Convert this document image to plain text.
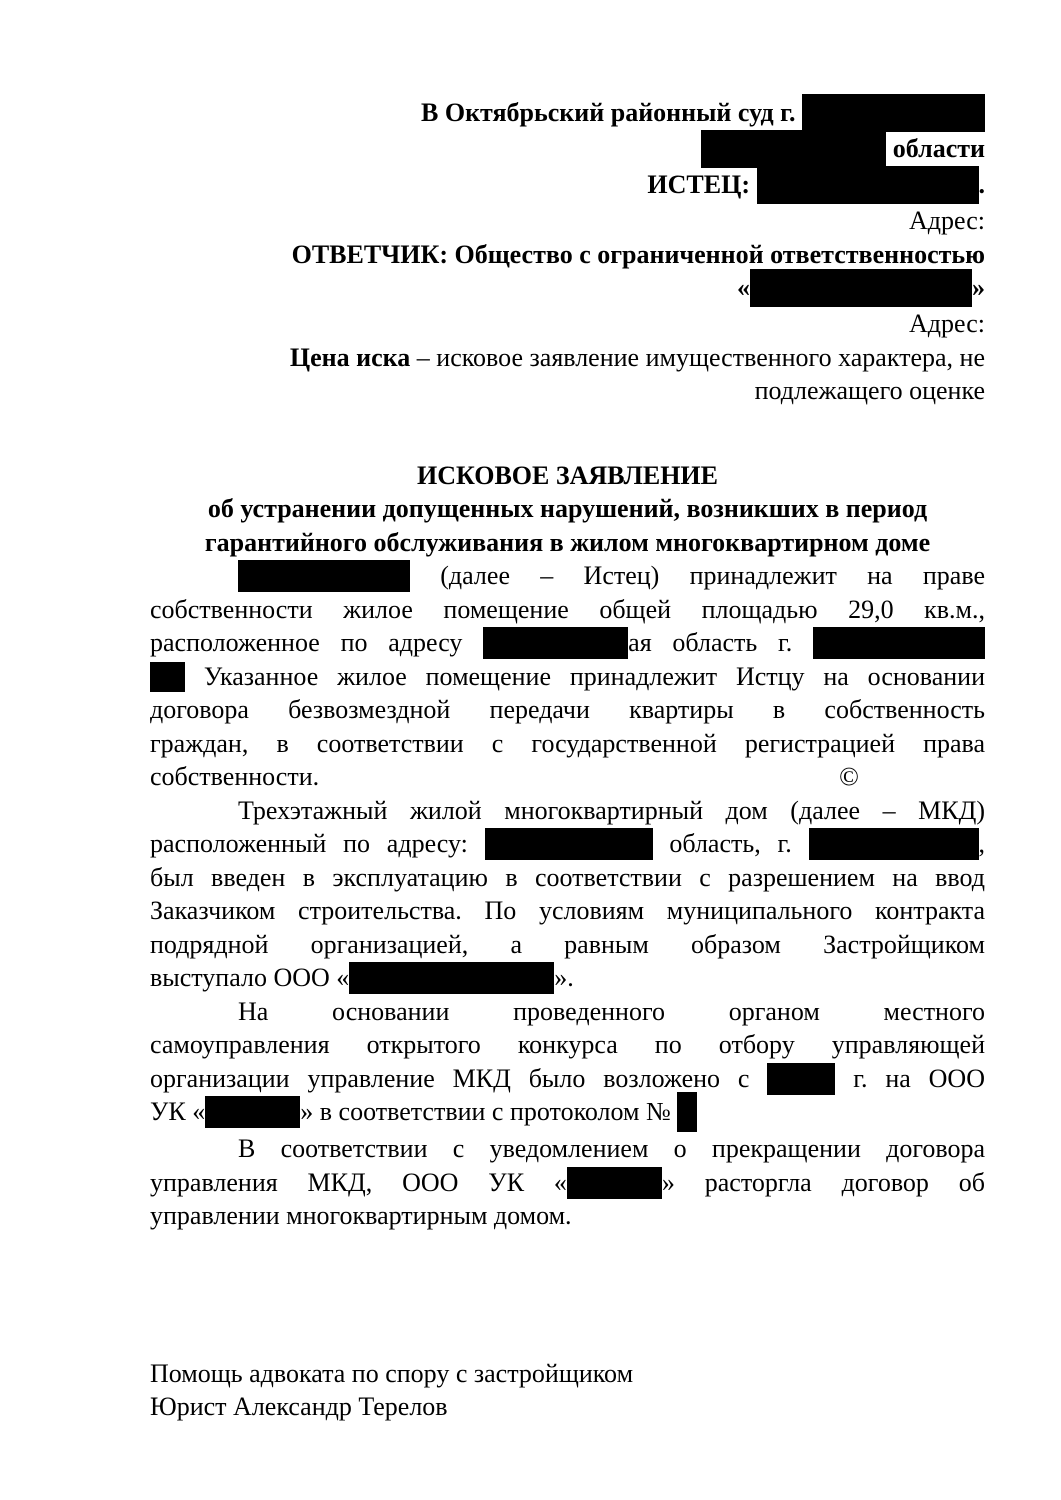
В Октябрьский районный суд г.
области
ИСТЕЦ:	.
Адрес:
ОТВЕТЧИК: Общество с ограниченной ответственностью
«	»
Адрес:
Цена иска – исковое заявление имущественного характера, не
подлежащего оценке
ИСКОВОЕ ЗАЯВЛЕНИЕ
об устранении допущенных нарушений, возникших в период
гарантийного обслуживания в жилом многоквартирном доме
(далее – Истец) принадлежит на праве
собственности жилое помещение общей площадью 29,0 кв.м.,
расположенное по адресу	ая область г.
Указанное жилое помещение принадлежит Истцу на основании
договора безвозмездной передачи квартиры в собственность
граждан, в соответствии с государственной регистрацией права
собственности.	©
Трехэтажный жилой многоквартирный дом (далее – МКД)
расположенный по адресу:	область, г.	,
был введен в эксплуатацию в соответствии с разрешением на ввод
Заказчиком строительства. По условиям муниципального контракта
подрядной организацией, а равным образом Застройщиком
выступало ООО «	».
На основании проведенного органом местного
самоуправления открытого конкурса по отбору управляющей
организации управление МКД было возложено с	г. на ООО
УК «	» в соответствии с протоколом №
В соответствии с уведомлением о прекращении договора
управления МКД, ООО УК «	» расторгла договор об
управлении многоквартирным домом.
Помощь адвоката по спору с застройщиком
Юрист Александр Терелов
